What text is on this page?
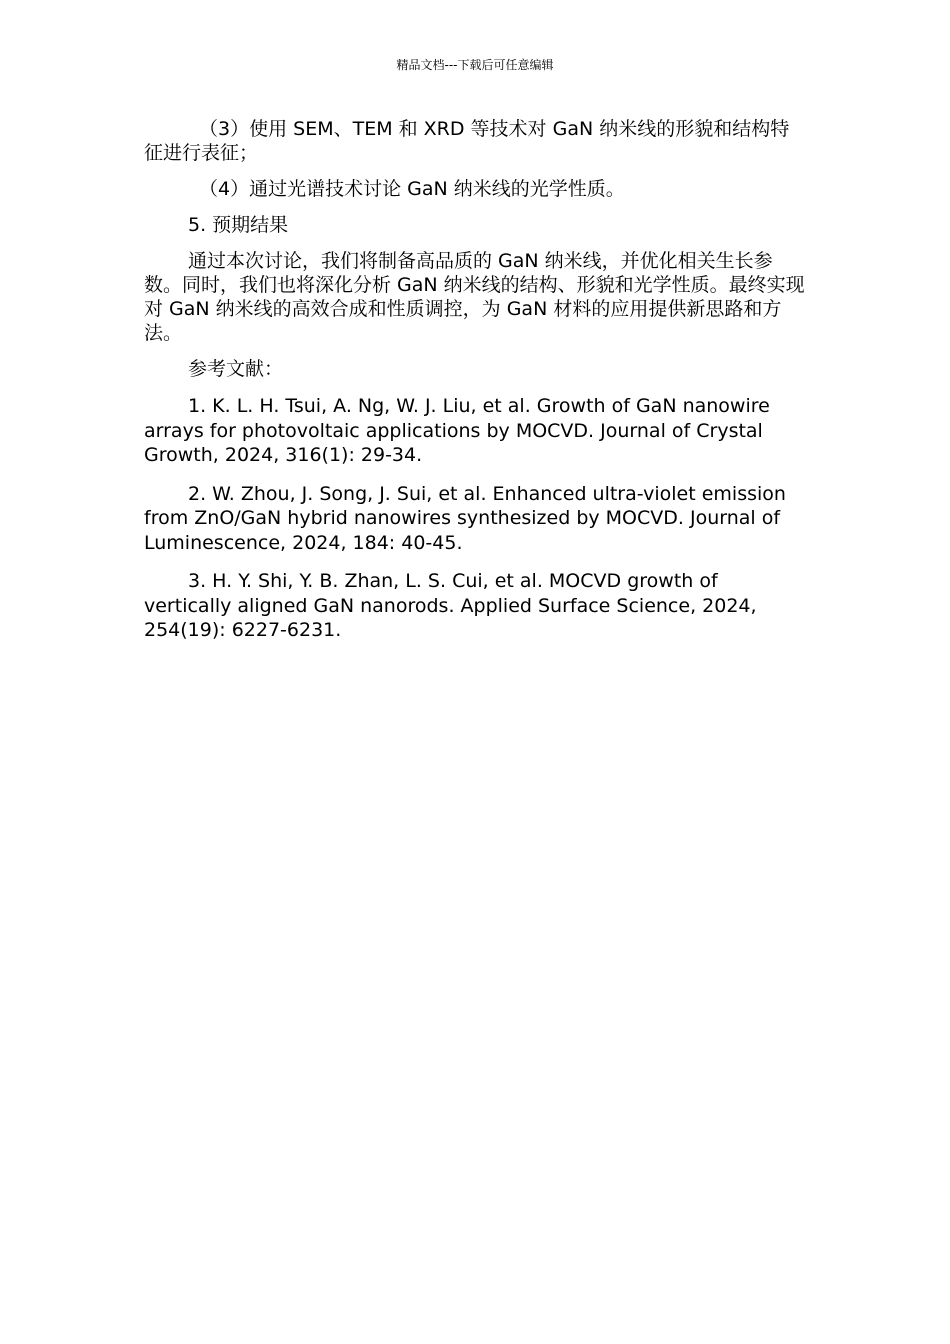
精品文档---下载后可任意编辑

（3）使用 SEM、TEM 和 XRD 等技术对 GaN 纳米线的形貌和结构特征进行表征；

（4）通过光谱技术讨论 GaN 纳米线的光学性质。

5. 预期结果

通过本次讨论，我们将制备高品质的 GaN 纳米线，并优化相关生长参数。同时，我们也将深化分析 GaN 纳米线的结构、形貌和光学性质。最终实现对 GaN 纳米线的高效合成和性质调控，为 GaN 材料的应用提供新思路和方法。

参考文献：

1. K. L. H. Tsui, A. Ng, W. J. Liu, et al. Growth of GaN nanowire arrays for photovoltaic applications by MOCVD. Journal of Crystal Growth, 2024, 316(1): 29-34.

2. W. Zhou, J. Song, J. Sui, et al. Enhanced ultra-violet emission from ZnO/GaN hybrid nanowires synthesized by MOCVD. Journal of Luminescence, 2024, 184: 40-45.

3. H. Y. Shi, Y. B. Zhan, L. S. Cui, et al. MOCVD growth of vertically aligned GaN nanorods. Applied Surface Science, 2024, 254(19): 6227-6231.
